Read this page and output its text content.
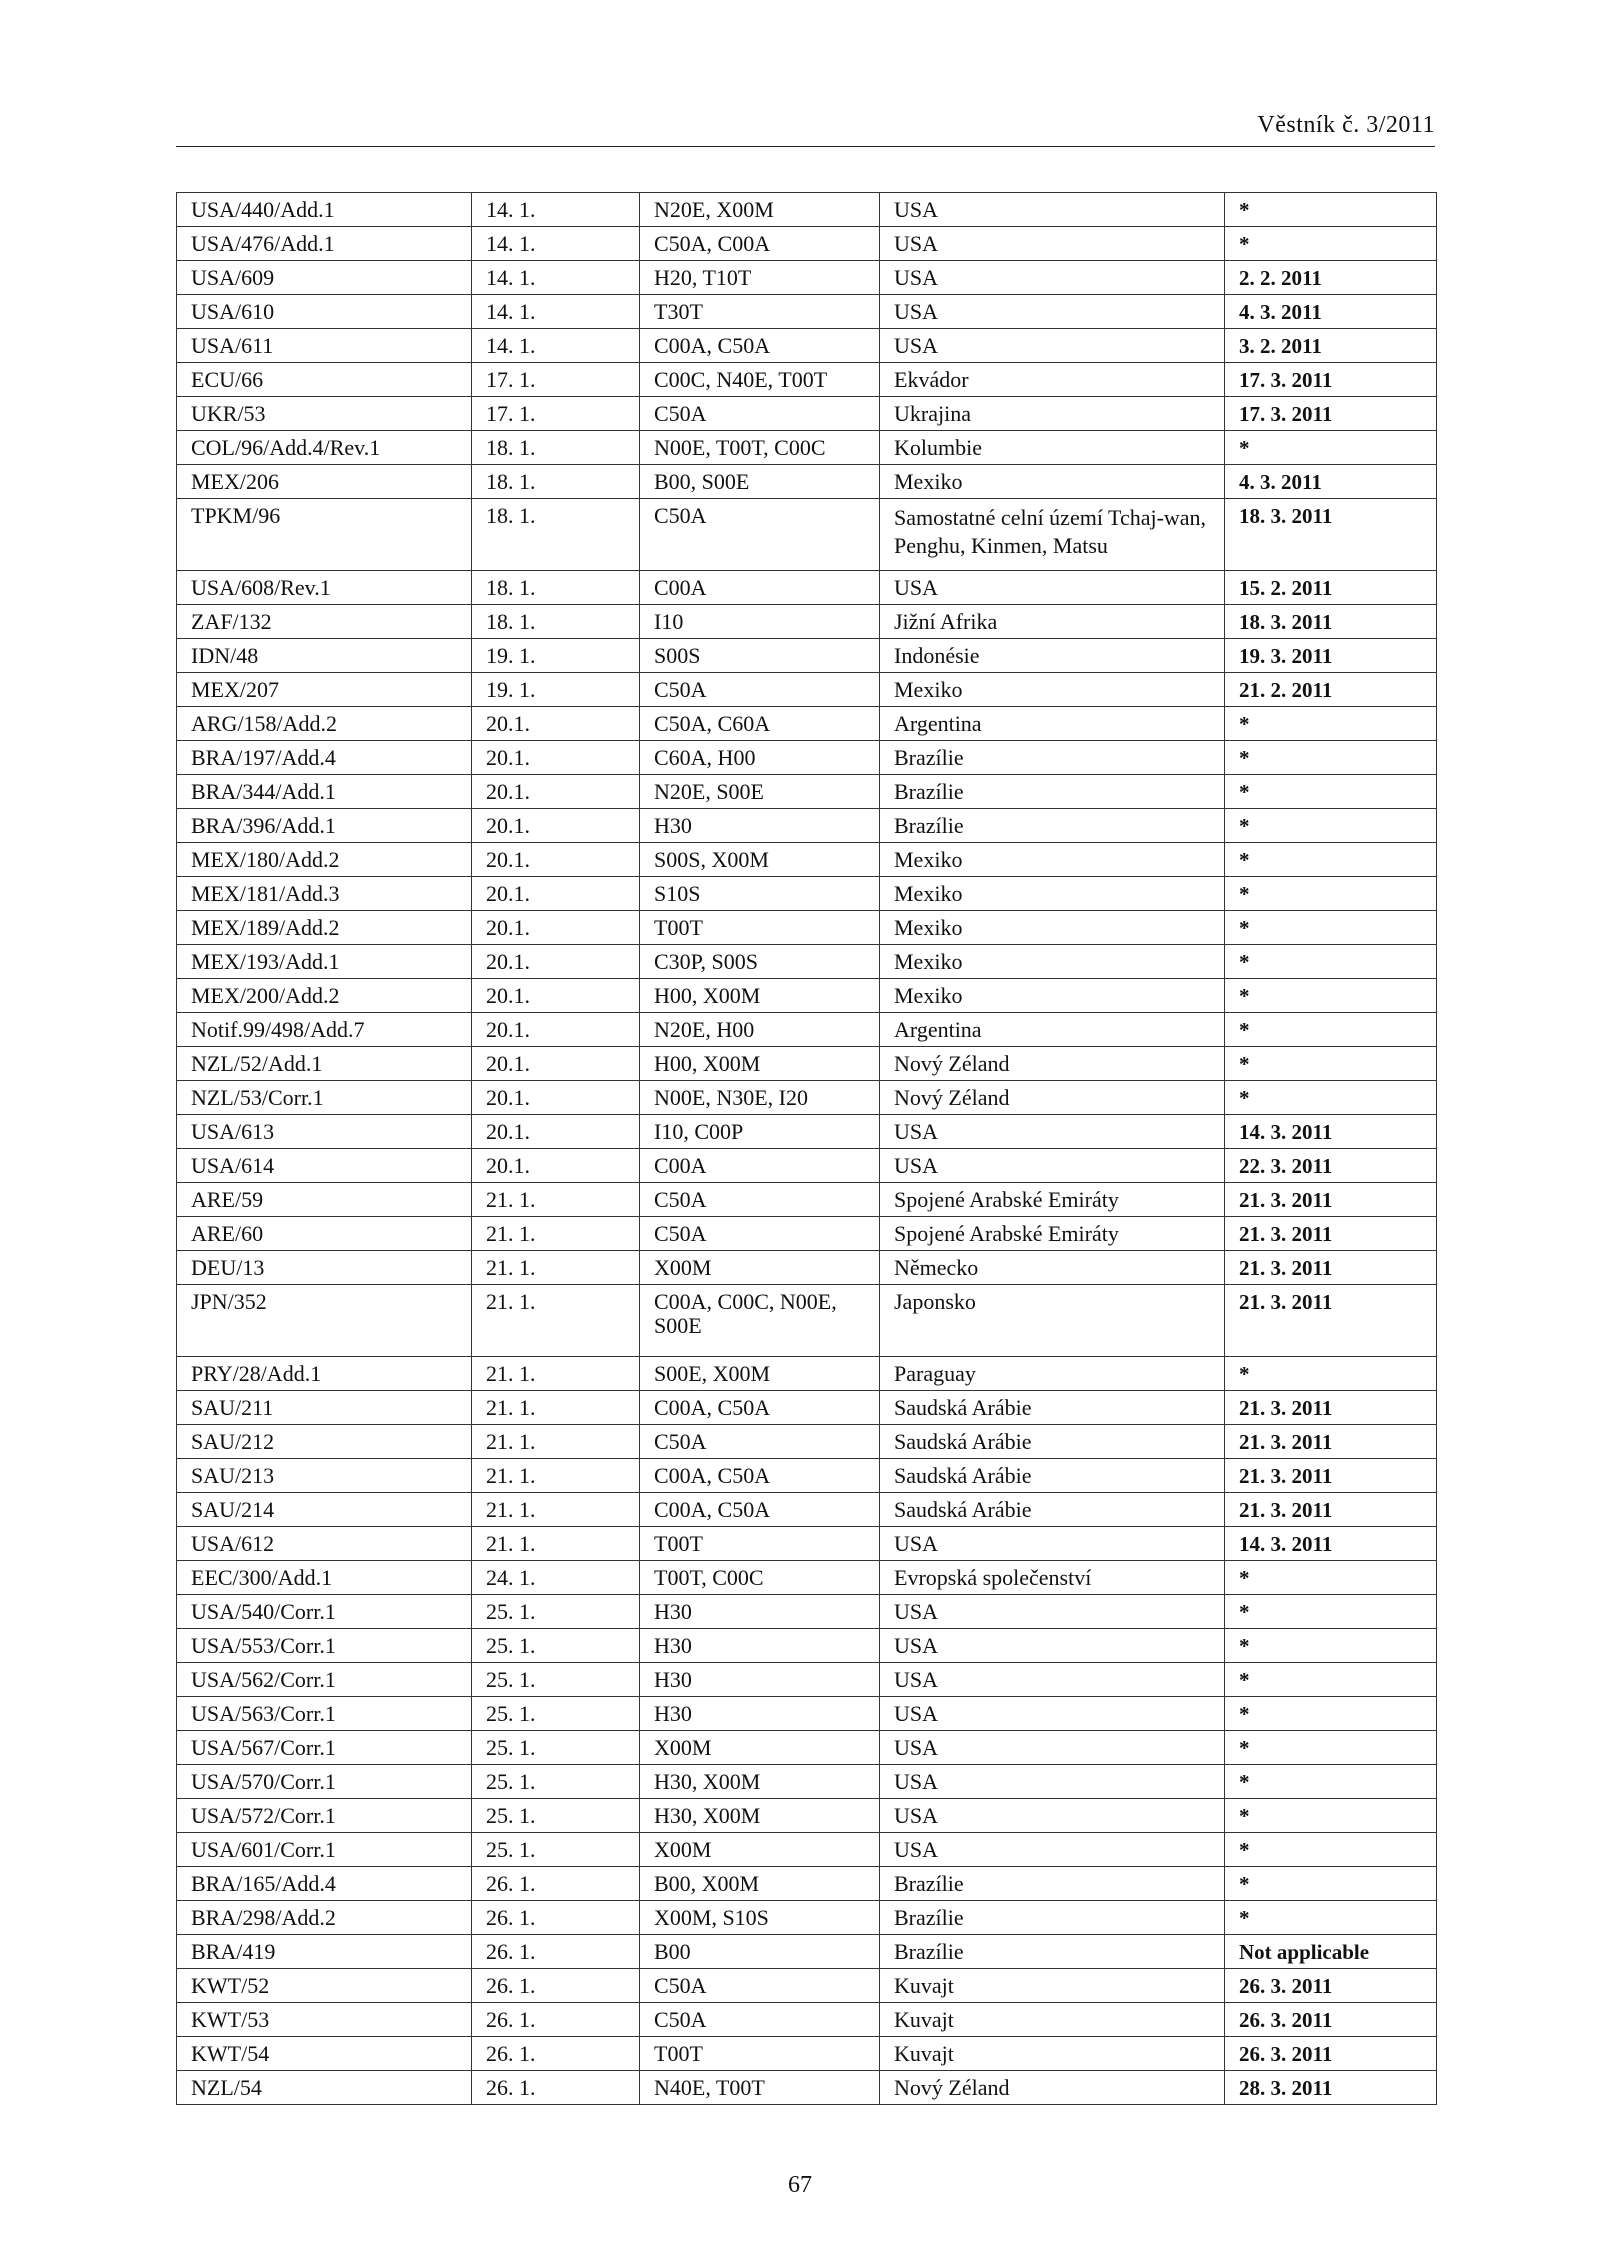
Věstník č. 3/2011
USA/440/Add.1	14. 1.	N20E, X00M	USA	*
USA/476/Add.1	14. 1.	C50A, C00A	USA	*
USA/609	14. 1.	H20, T10T	USA	2. 2. 2011
USA/610	14. 1.	T30T	USA	4. 3. 2011
USA/611	14. 1.	C00A, C50A	USA	3. 2. 2011
ECU/66	17. 1.	C00C, N40E, T00T	Ekvádor	17. 3. 2011
UKR/53	17. 1.	C50A	Ukrajina	17. 3. 2011
COL/96/Add.4/Rev.1	18. 1.	N00E, T00T, C00C	Kolumbie	*
MEX/206	18. 1.	B00, S00E	Mexiko	4. 3. 2011
TPKM/96	18. 1.	C50A	Samostatné celní území Tchaj-wan, Penghu, Kinmen, Matsu	18. 3. 2011
USA/608/Rev.1	18. 1.	C00A	USA	15. 2. 2011
ZAF/132	18. 1.	I10	Jižní Afrika	18. 3. 2011
IDN/48	19. 1.	S00S	Indonésie	19. 3. 2011
MEX/207	19. 1.	C50A	Mexiko	21. 2. 2011
ARG/158/Add.2	20.1.	C50A, C60A	Argentina	*
BRA/197/Add.4	20.1.	C60A, H00	Brazílie	*
BRA/344/Add.1	20.1.	N20E, S00E	Brazílie	*
BRA/396/Add.1	20.1.	H30	Brazílie	*
MEX/180/Add.2	20.1.	S00S, X00M	Mexiko	*
MEX/181/Add.3	20.1.	S10S	Mexiko	*
MEX/189/Add.2	20.1.	T00T	Mexiko	*
MEX/193/Add.1	20.1.	C30P, S00S	Mexiko	*
MEX/200/Add.2	20.1.	H00, X00M	Mexiko	*
Notif.99/498/Add.7	20.1.	N20E, H00	Argentina	*
NZL/52/Add.1	20.1.	H00, X00M	Nový Zéland	*
NZL/53/Corr.1	20.1.	N00E, N30E, I20	Nový Zéland	*
USA/613	20.1.	I10, C00P	USA	14. 3. 2011
USA/614	20.1.	C00A	USA	22. 3. 2011
ARE/59	21. 1.	C50A	Spojené Arabské Emiráty	21. 3. 2011
ARE/60	21. 1.	C50A	Spojené Arabské Emiráty	21. 3. 2011
DEU/13	21. 1.	X00M	Německo	21. 3. 2011
JPN/352	21. 1.	C00A, C00C, N00E, S00E	Japonsko	21. 3. 2011
PRY/28/Add.1	21. 1.	S00E, X00M	Paraguay	*
SAU/211	21. 1.	C00A, C50A	Saudská Arábie	21. 3. 2011
SAU/212	21. 1.	C50A	Saudská Arábie	21. 3. 2011
SAU/213	21. 1.	C00A, C50A	Saudská Arábie	21. 3. 2011
SAU/214	21. 1.	C00A, C50A	Saudská Arábie	21. 3. 2011
USA/612	21. 1.	T00T	USA	14. 3. 2011
EEC/300/Add.1	24. 1.	T00T, C00C	Evropská společenství	*
USA/540/Corr.1	25. 1.	H30	USA	*
USA/553/Corr.1	25. 1.	H30	USA	*
USA/562/Corr.1	25. 1.	H30	USA	*
USA/563/Corr.1	25. 1.	H30	USA	*
USA/567/Corr.1	25. 1.	X00M	USA	*
USA/570/Corr.1	25. 1.	H30, X00M	USA	*
USA/572/Corr.1	25. 1.	H30, X00M	USA	*
USA/601/Corr.1	25. 1.	X00M	USA	*
BRA/165/Add.4	26. 1.	B00, X00M	Brazílie	*
BRA/298/Add.2	26. 1.	X00M, S10S	Brazílie	*
BRA/419	26. 1.	B00	Brazílie	Not applicable
KWT/52	26. 1.	C50A	Kuvajt	26. 3. 2011
KWT/53	26. 1.	C50A	Kuvajt	26. 3. 2011
KWT/54	26. 1.	T00T	Kuvajt	26. 3. 2011
NZL/54	26. 1.	N40E, T00T	Nový Zéland	28. 3. 2011
67
